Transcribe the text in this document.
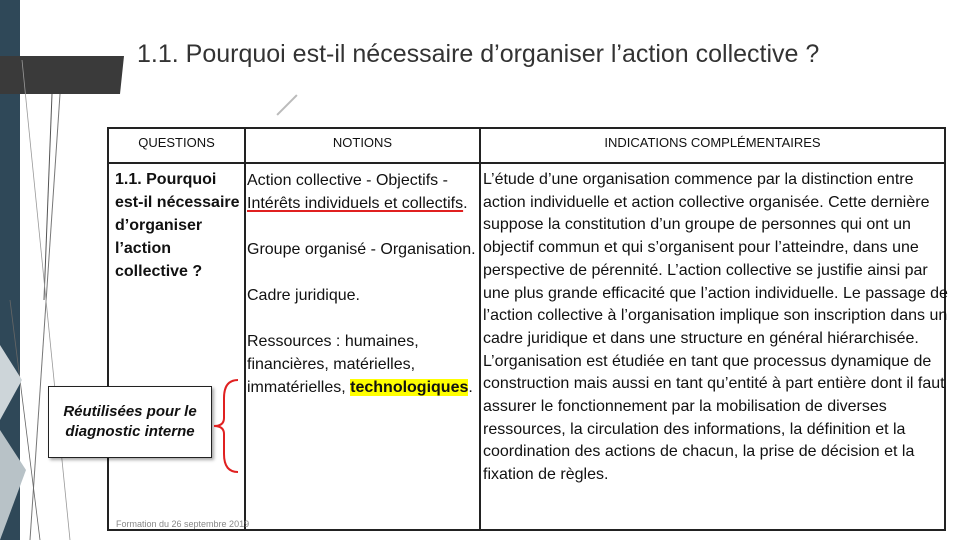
1.1. Pourquoi est-il nécessaire d’organiser l’action collective ?
QUESTIONS	NOTIONS	INDICATIONS COMPLÉMENTAIRES
1.1. Pourquoi est-il nécessaire d’organiser l’action collective ?

Action collective - Objectifs - Intérêts individuels et collectifs.

Groupe organisé - Organisation.

Cadre juridique.

Ressources : humaines, financières, matérielles, immatérielles, technologiques.

L’étude d’une organisation commence par la distinction entre action individuelle et action collective organisée. Cette dernière suppose la constitution d’un groupe de personnes qui ont un objectif commun et qui s’organisent pour l’atteindre, dans une perspective de pérennité. L’action collective se justifie ainsi par une plus grande efficacité que l’action individuelle. Le passage de l’action collective à l’organisation implique son inscription dans un cadre juridique et dans une structure en général hiérarchisée. L’organisation est étudiée en tant que processus dynamique de construction mais aussi en tant qu’entité à part entière dont il faut assurer le fonctionnement par la mobilisation de diverses ressources, la circulation des informations, la définition et la coordination des actions de chacun, la prise de décision et la fixation de règles.
Réutilisées pour le diagnostic interne
Formation du 26 septembre 2019
